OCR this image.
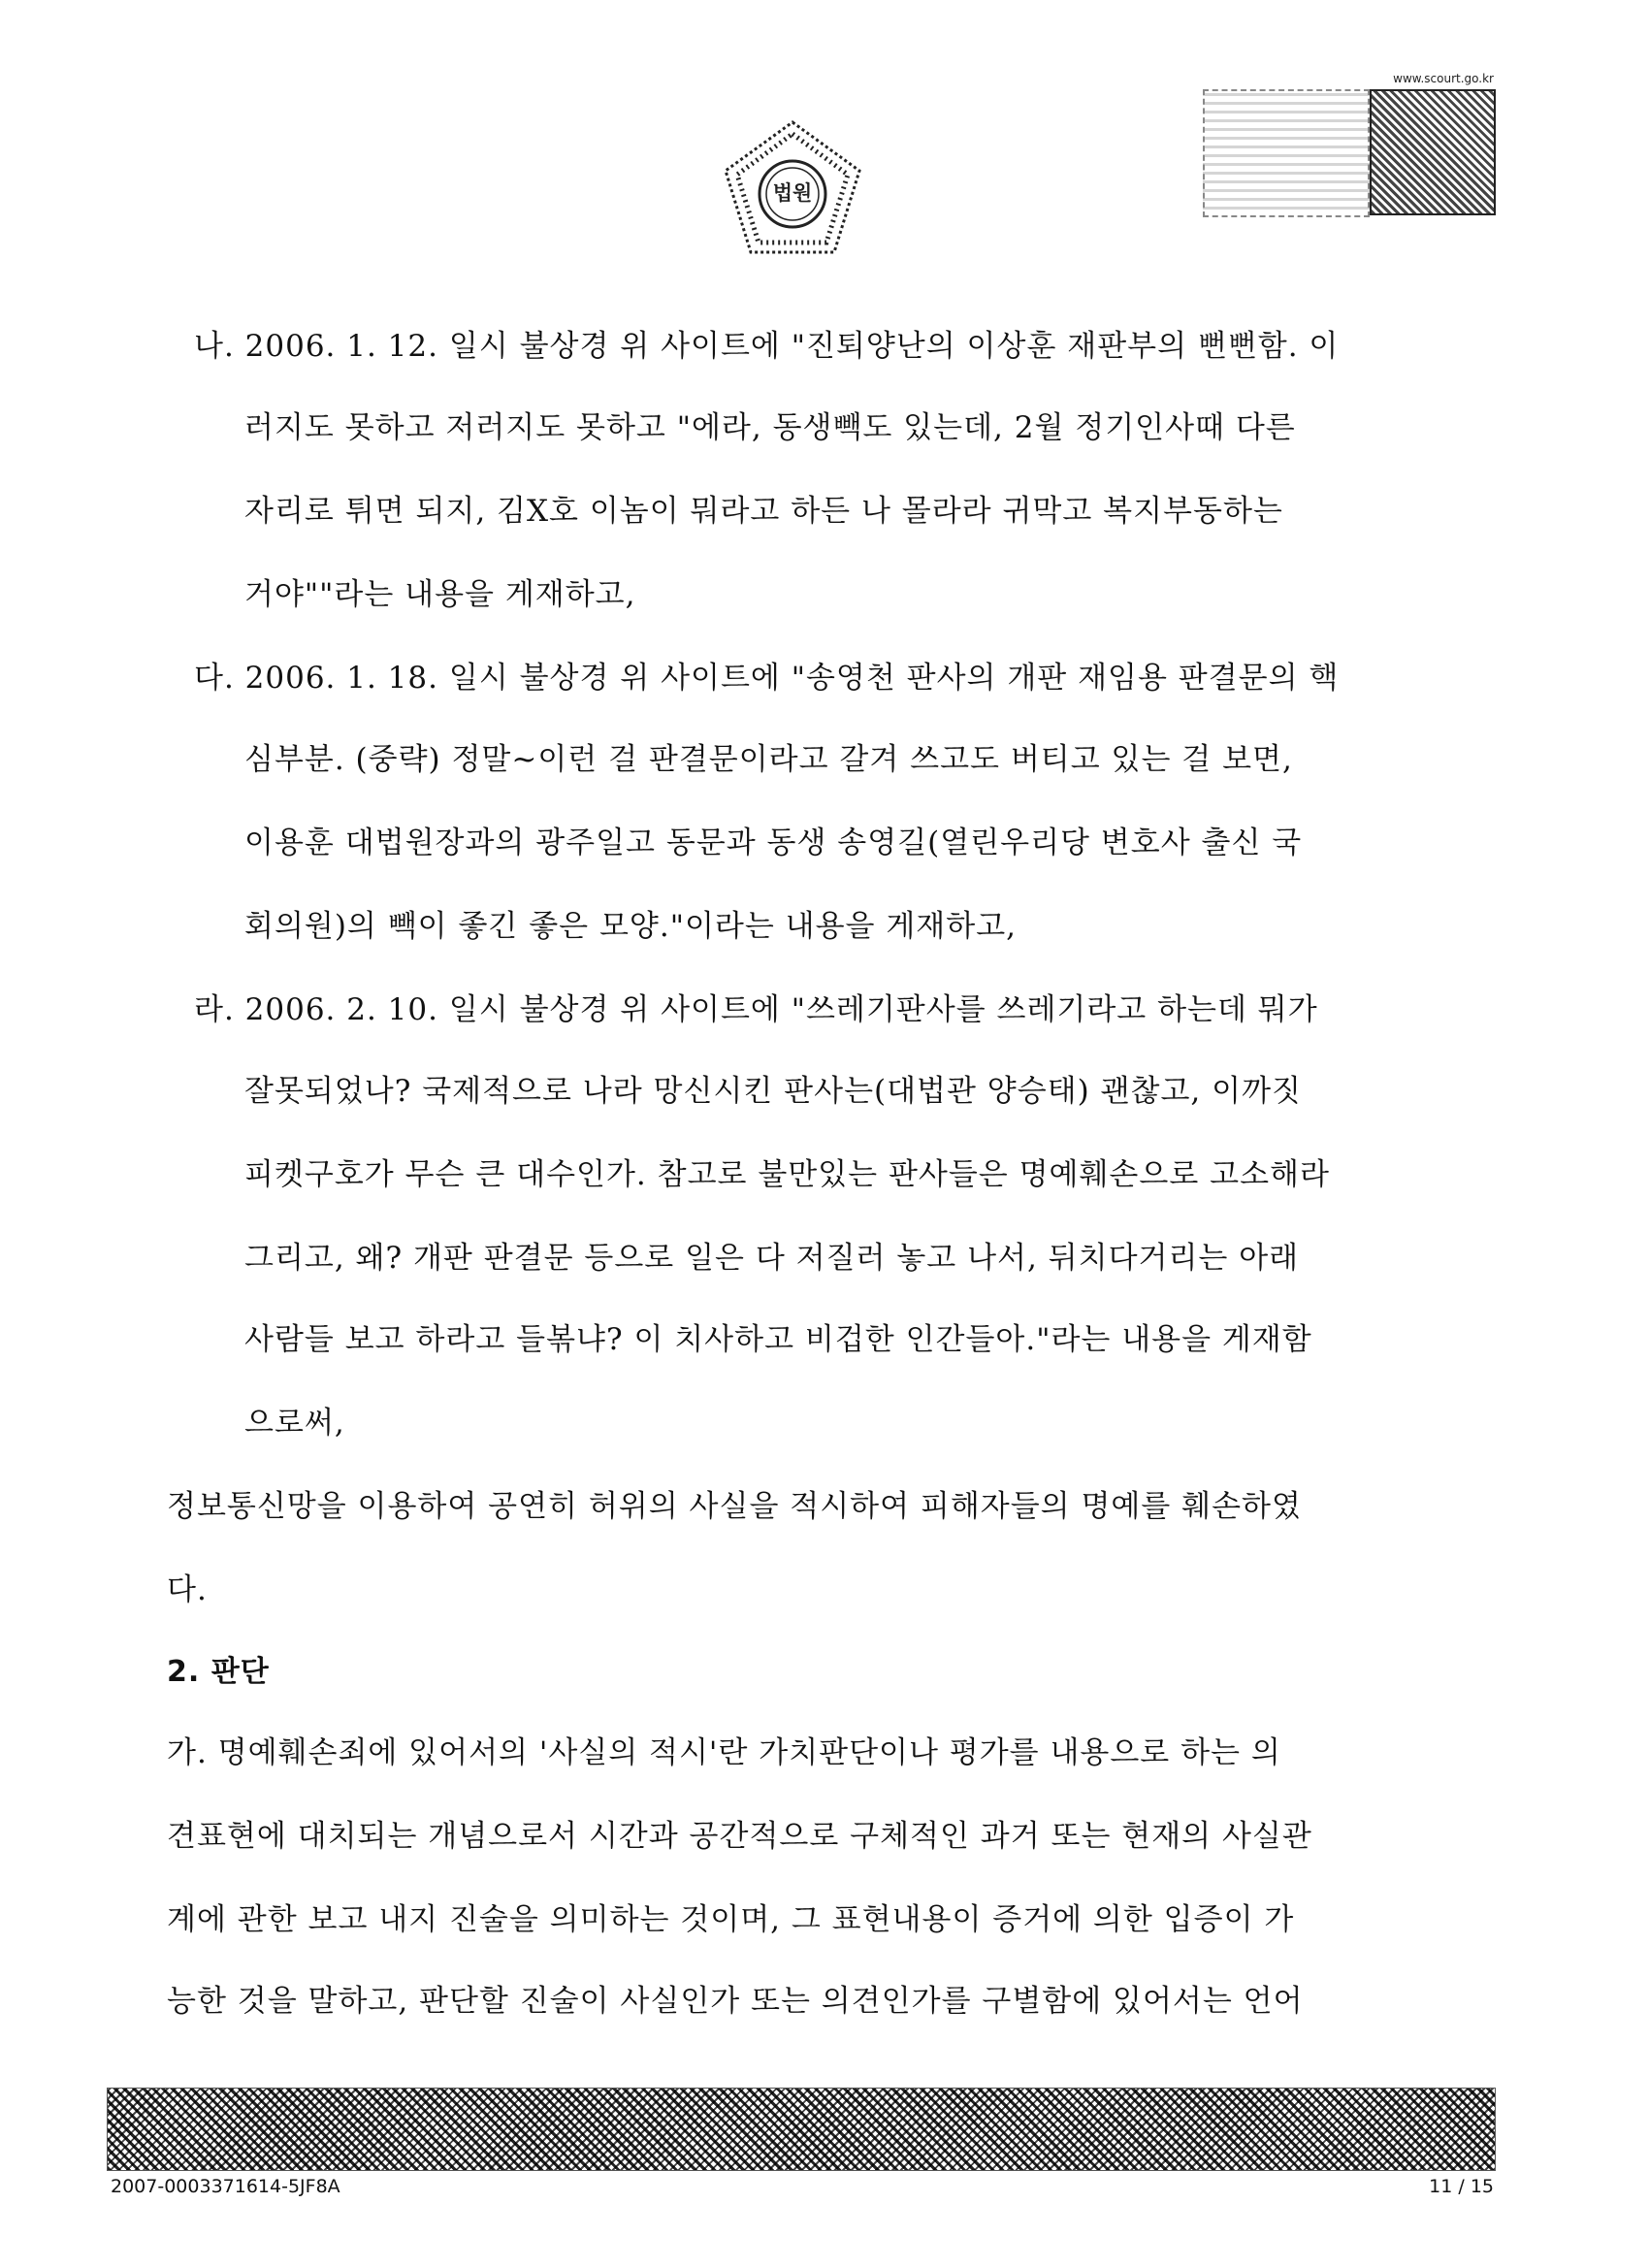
법원
www.scourt.go.kr

나. 2006. 1. 12. 일시 불상경 위 사이트에 "진퇴양난의 이상훈 재판부의 뻔뻔함. 이

러지도 못하고 저러지도 못하고 "에라, 동생빽도 있는데, 2월 정기인사때 다른

자리로 튀면 되지, 김X호 이놈이 뭐라고 하든 나 몰라라 귀막고 복지부동하는

거야""라는 내용을 게재하고,

다. 2006. 1. 18. 일시 불상경 위 사이트에 "송영천 판사의 개판 재임용 판결문의 핵

심부분. (중략) 정말~이런 걸 판결문이라고 갈겨 쓰고도 버티고 있는 걸 보면,

이용훈 대법원장과의 광주일고 동문과 동생 송영길(열린우리당 변호사 출신 국

회의원)의 빽이 좋긴 좋은 모양."이라는 내용을 게재하고,

라. 2006. 2. 10. 일시 불상경 위 사이트에 "쓰레기판사를 쓰레기라고 하는데 뭐가

잘못되었나? 국제적으로 나라 망신시킨 판사는(대법관 양승태) 괜찮고, 이까짓

피켓구호가 무슨 큰 대수인가. 참고로 불만있는 판사들은 명예훼손으로 고소해라

그리고, 왜? 개판 판결문 등으로 일은 다 저질러 놓고 나서, 뒤치다거리는 아래

사람들 보고 하라고 들볶냐? 이 치사하고 비겁한 인간들아."라는 내용을 게재함

으로써,

정보통신망을 이용하여 공연히 허위의 사실을 적시하여 피해자들의 명예를 훼손하였

다.

2. 판단

가. 명예훼손죄에 있어서의 '사실의 적시'란 가치판단이나 평가를 내용으로 하는 의

견표현에 대치되는 개념으로서 시간과 공간적으로 구체적인 과거 또는 현재의 사실관

계에 관한 보고 내지 진술을 의미하는 것이며, 그 표현내용이 증거에 의한 입증이 가

능한 것을 말하고, 판단할 진술이 사실인가 또는 의견인가를 구별함에 있어서는 언어

2007-0003371614-5JF8A	11 / 15
